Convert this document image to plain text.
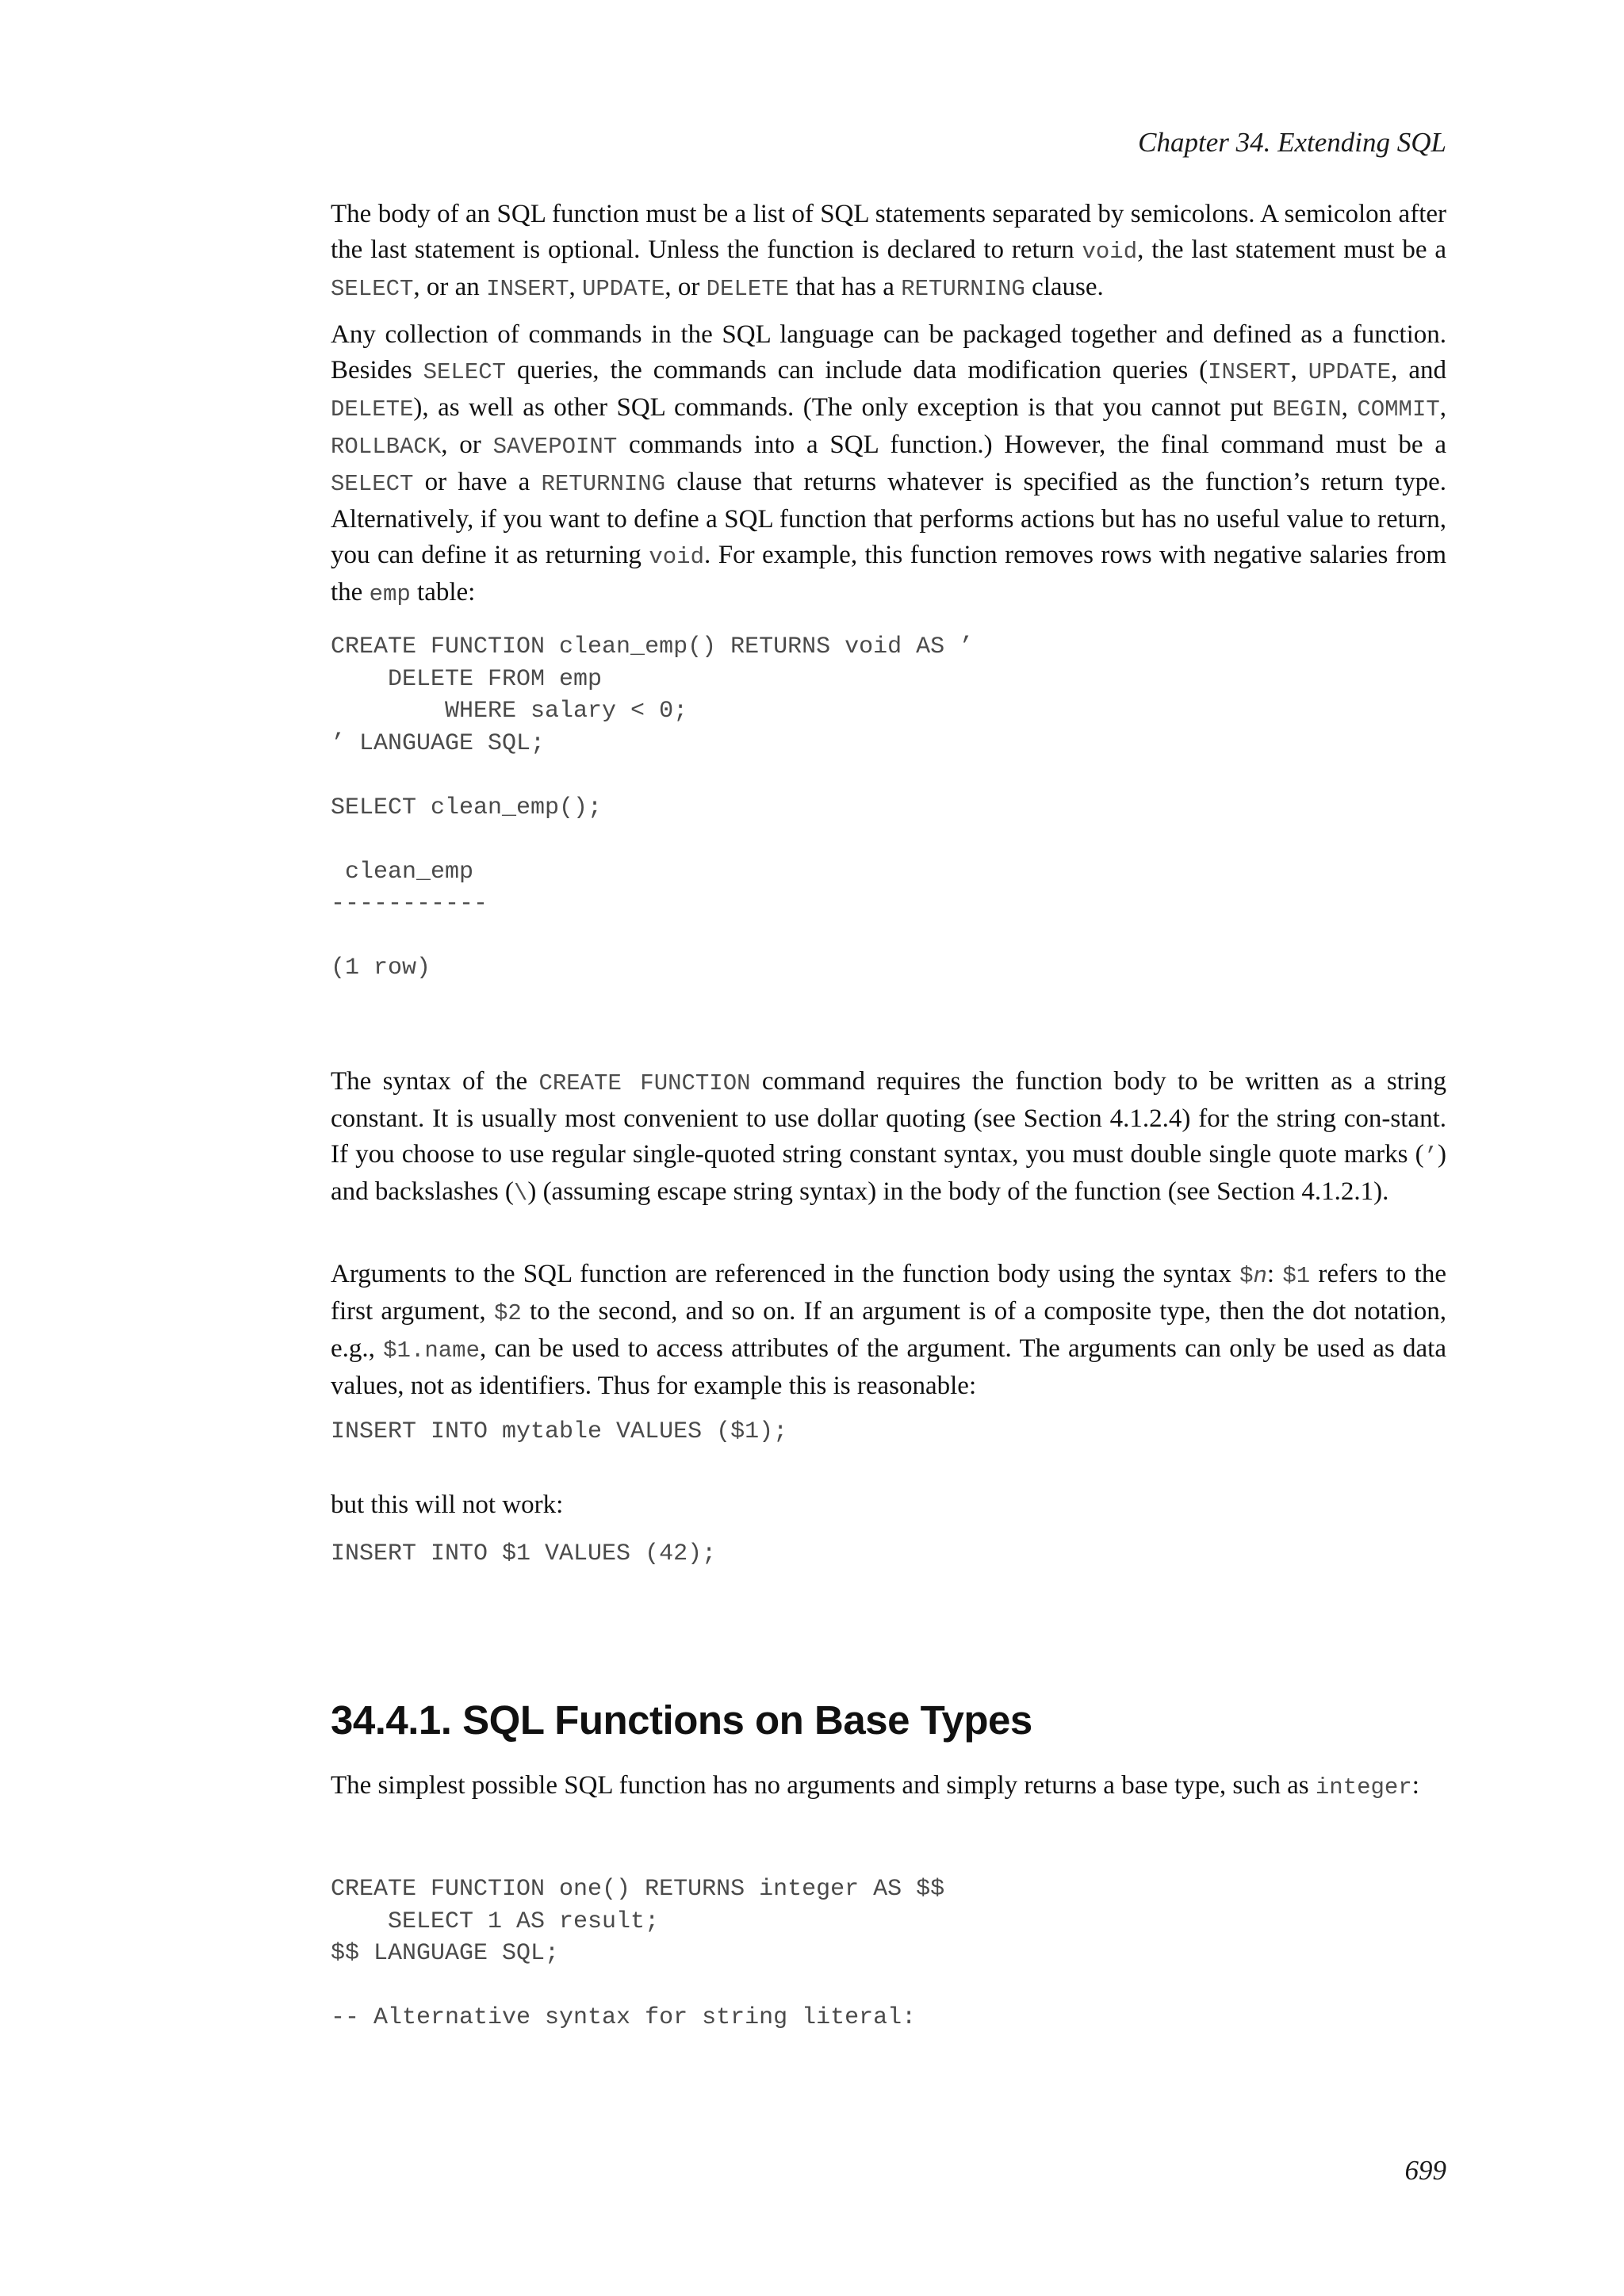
Chapter 34. Extending SQL

The body of an SQL function must be a list of SQL statements separated by semicolons. A semicolon after the last statement is optional. Unless the function is declared to return void, the last statement must be a SELECT, or an INSERT, UPDATE, or DELETE that has a RETURNING clause.

Any collection of commands in the SQL language can be packaged together and defined as a function. Besides SELECT queries, the commands can include data modification queries (INSERT, UPDATE, and DELETE), as well as other SQL commands. (The only exception is that you cannot put BEGIN, COMMIT, ROLLBACK, or SAVEPOINT commands into a SQL function.) However, the final command must be a SELECT or have a RETURNING clause that returns whatever is specified as the function’s return type. Alternatively, if you want to define a SQL function that performs actions but has no useful value to return, you can define it as returning void. For example, this function removes rows with negative salaries from the emp table:

CREATE FUNCTION clean_emp() RETURNS void AS ’
DELETE FROM emp
WHERE salary < 0;
’ LANGUAGE SQL;

SELECT clean_emp();

clean_emp
-----------

(1 row)

The syntax of the CREATE FUNCTION command requires the function body to be written as a string constant. It is usually most convenient to use dollar quoting (see Section 4.1.2.4) for the string con-stant. If you choose to use regular single-quoted string constant syntax, you must double single quote marks (’) and backslashes (\) (assuming escape string syntax) in the body of the function (see Section 4.1.2.1).

Arguments to the SQL function are referenced in the function body using the syntax $n: $1 refers to the first argument, $2 to the second, and so on. If an argument is of a composite type, then the dot notation, e.g., $1.name, can be used to access attributes of the argument. The arguments can only be used as data values, not as identifiers. Thus for example this is reasonable:

INSERT INTO mytable VALUES ($1);

but this will not work:

INSERT INTO $1 VALUES (42);
34.4.1. SQL Functions on Base Types

The simplest possible SQL function has no arguments and simply returns a base type, such as integer:

CREATE FUNCTION one() RETURNS integer AS $$
SELECT 1 AS result;
$$ LANGUAGE SQL;

-- Alternative syntax for string literal:
699
